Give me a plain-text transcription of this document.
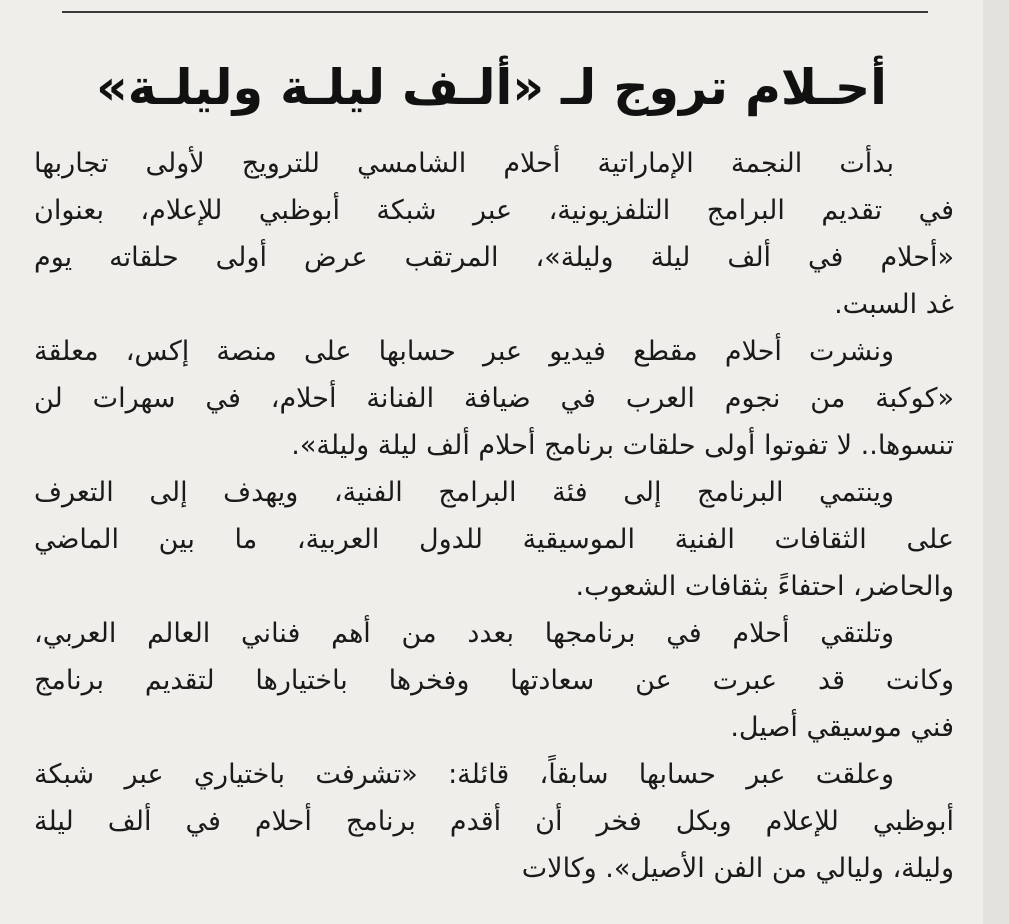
أحـلام تروج لـ «ألـف ليلـة وليلـة»

بدأت النجمة الإماراتية أحلام الشامسي للترويج لأولى تجاربها
في تقديم البرامج التلفزيونية، عبر شبكة أبوظبي للإعلام، بعنوان
«أحلام في ألف ليلة وليلة»، المرتقب عرض أولى حلقاته يوم
غد السبت.

ونشرت أحلام مقطع فيديو عبر حسابها على منصة إكس، معلقة
«كوكبة من نجوم العرب في ضيافة الفنانة أحلام، في سهرات لن
تنسوها.. لا تفوتوا أولى حلقات برنامج أحلام ألف ليلة وليلة».

وينتمي البرنامج إلى فئة البرامج الفنية، ويهدف إلى التعرف
على الثقافات الفنية الموسيقية للدول العربية، ما بين الماضي
والحاضر، احتفاءً بثقافات الشعوب.

وتلتقي أحلام في برنامجها بعدد من أهم فناني العالم العربي،
وكانت قد عبرت عن سعادتها وفخرها باختيارها لتقديم برنامج
فني موسيقي أصيل.

وعلقت عبر حسابها سابقاً، قائلة: «تشرفت باختياري عبر شبكة
أبوظبي للإعلام وبكل فخر أن أقدم برنامج أحلام في ألف ليلة
وليلة، وليالي من الفن الأصيل». وكالات
